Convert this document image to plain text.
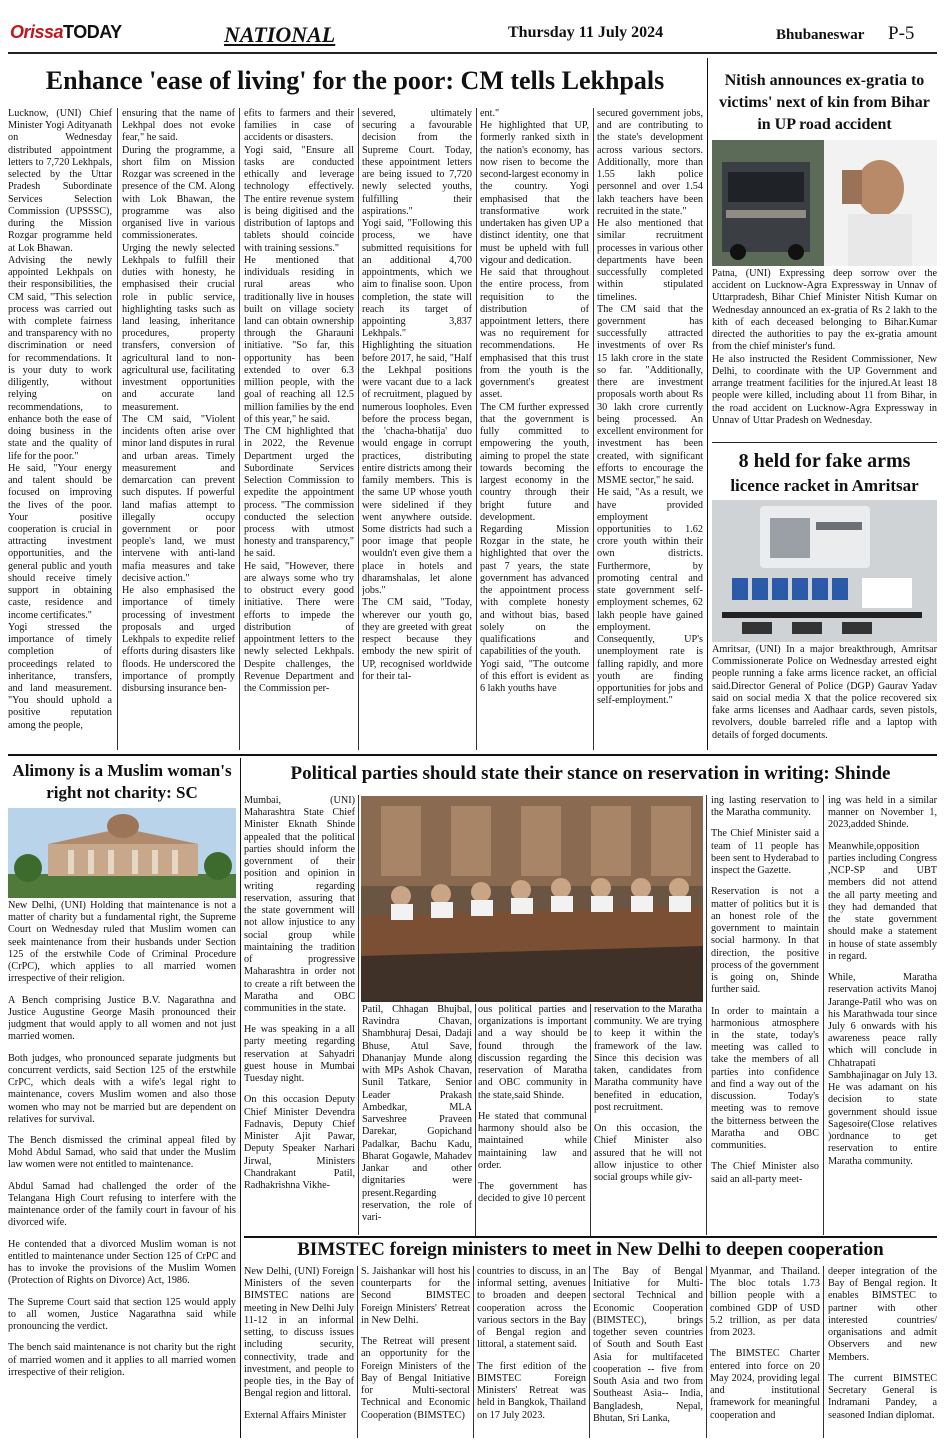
OrissaTODAY	NATIONAL	Thursday 11 July 2024	Bhubaneswar P-5
Enhance 'ease of living' for the poor: CM tells Lekhpals

Lucknow, (UNI) Chief Minister Yogi Adityanath on Wednesday distributed appointment letters to 7,720 Lekhpals, selected by the Uttar Pradesh Subordinate Services Selection Commission (UPSSSC), during the Mission Rozgar programme held at Lok Bhawan.

Advising the newly appointed Lekhpals on their responsibilities, the CM said, "This selection process was carried out with complete fairness and transparency with no discrimination or need for recommendations. It is your duty to work diligently, without relying on recommendations, to enhance both the ease of doing business in the state and the quality of life for the poor."

He said, "Your energy and talent should be focused on improving the lives of the poor. Your positive cooperation is crucial in attracting investment opportunities, and the general public and youth should receive timely support in obtaining caste, residence and income certificates."

Yogi stressed the importance of timely completion of proceedings related to inheritance, transfers, and land measurement. "You should uphold a positive reputation among the people,

ensuring that the name of Lekhpal does not evoke fear," he said.

During the programme, a short film on Mission Rozgar was screened in the presence of the CM. Along with Lok Bhawan, the programme was also organised live in various commissionerates.

Urging the newly selected Lekhpals to fulfill their duties with honesty, he emphasised their crucial role in public service, highlighting tasks such as land leasing, inheritance procedures, property transfers, conversion of agricultural land to non-agricultural use, facilitating investment opportunities and accurate land measurement.

The CM said, "Violent incidents often arise over minor land disputes in rural and urban areas. Timely measurement and demarcation can prevent such disputes. If powerful land mafias attempt to illegally occupy government or poor people's land, we must intervene with anti-land mafia measures and take decisive action."

He also emphasised the importance of timely processing of investment proposals and urged Lekhpals to expedite relief efforts during disasters like floods. He underscored the importance of promptly disbursing insurance ben-

efits to farmers and their families in case of accidents or disasters.

Yogi said, "Ensure all tasks are conducted ethically and leverage technology effectively. The entire revenue system is being digitised and the distribution of laptops and tablets should coincide with training sessions."

He mentioned that individuals residing in rural areas who traditionally live in houses built on village society land can obtain ownership through the Gharauni initiative. "So far, this opportunity has been extended to over 6.3 million people, with the goal of reaching all 12.5 million families by the end of this year," he said.

The CM highlighted that in 2022, the Revenue Department urged the Subordinate Services Selection Commission to expedite the appointment process. "The commission conducted the selection process with utmost honesty and transparency," he said.

He said, "However, there are always some who try to obstruct every good initiative. There were efforts to impede the distribution of appointment letters to the newly selected Lekhpals. Despite challenges, the Revenue Department and the Commission per-

severed, ultimately securing a favourable decision from the Supreme Court. Today, these appointment letters are being issued to 7,720 newly selected youths, fulfilling their aspirations."

Yogi said, "Following this process, we have submitted requisitions for an additional 4,700 appointments, which we aim to finalise soon. Upon completion, the state will reach its target of appointing 3,837 Lekhpals."

Highlighting the situation before 2017, he said, "Half the Lekhpal positions were vacant due to a lack of recruitment, plagued by numerous loopholes. Even before the process began, the 'chacha-bhatija' duo would engage in corrupt practices, distributing entire districts among their family members. This is the same UP whose youth were sidelined if they went anywhere outside. Some districts had such a poor image that people wouldn't even give them a place in hotels and dharamshalas, let alone jobs."

The CM said, "Today, wherever our youth go, they are greeted with great respect because they embody the new spirit of UP, recognised worldwide for their tal-

ent."

He highlighted that UP, formerly ranked sixth in the nation's economy, has now risen to become the second-largest economy in the country. Yogi emphasised that the transformative work undertaken has given UP a distinct identity, one that must be upheld with full vigour and dedication.

He said that throughout the entire process, from requisition to the distribution of appointment letters, there was no requirement for recommendations. He emphasised that this trust from the youth is the government's greatest asset.

The CM further expressed that the government is fully committed to empowering the youth, aiming to propel the state towards becoming the largest economy in the country through their bright future and development.

Regarding Mission Rozgar in the state, he highlighted that over the past 7 years, the state government has advanced the appointment process with complete honesty and without bias, based solely on the qualifications and capabilities of the youth.

Yogi said, "The outcome of this effort is evident as 6 lakh youths have

secured government jobs, and are contributing to the state's development across various sectors. Additionally, more than 1.55 lakh police personnel and over 1.54 lakh teachers have been recruited in the state."

He also mentioned that similar recruitment processes in various other departments have been successfully completed within stipulated timelines.

The CM said that the government has successfully attracted investments of over Rs 15 lakh crore in the state so far. "Additionally, there are investment proposals worth about Rs 30 lakh crore currently being processed. An excellent environment for investment has been created, with significant efforts to encourage the MSME sector," he said.

He said, "As a result, we have provided employment opportunities to 1.62 crore youth within their own districts. Furthermore, by promoting central and state government self-employment schemes, 62 lakh people have gained employment. Consequently, UP's unemployment rate is falling rapidly, and more youth are finding opportunities for jobs and self-employment."

Nitish announces ex-gratia to victims' next of kin from Bihar in UP road accident

Patna, (UNI) Expressing deep sorrow over the accident on Lucknow-Agra Expressway in Unnav of Uttarpradesh, Bihar Chief Minister Nitish Kumar on Wednesday announced an ex-gratia of Rs 2 lakh to the kith of each deceased belonging to Bihar.Kumar directed the authorities to pay the ex-gratia amount from the chief minister's fund.

He also instructed the Resident Commissioner, New Delhi, to coordinate with the UP Government and arrange treatment facilities for the injured.At least 18 people were killed, including about 11 from Bihar, in the road accident on Lucknow-Agra Expressway in Unnav of Uttar Pradesh on Wednesday.

8 held for fake arms
licence racket in Amritsar
Amritsar, (UNI) In a major breakthrough, Amritsar Commissionerate Police on Wednesday arrested eight people running a fake arms licence racket, an official said.Director General of Police (DGP) Gaurav Yadav said on social media X that the police recovered six fake arms licenses and Aadhaar cards, seven pistols, revolvers, double barreled rifle and a laptop with details of forged documents.
Alimony is a Muslim woman's right not charity: SC

New Delhi, (UNI) Holding that maintenance is not a matter of charity but a fundamental right, the Supreme Court on Wednesday ruled that Muslim women can seek maintenance from their husbands under Section 125 of the erstwhile Code of Criminal Procedure (CrPC), which applies to all married women irrespective of their religion.

A Bench comprising Justice B.V. Nagarathna and Justice Augustine George Masih pronounced their judgment that would apply to all women and not just married women.

Both judges, who pronounced separate judgments but concurrent verdicts, said Section 125 of the erstwhile CrPC, which deals with a wife's legal right to maintenance, covers Muslim women and also those women who may not be married but are dependent on relatives for survival.

The Bench dismissed the criminal appeal filed by Mohd Abdul Samad, who said that under the Muslim law women were not entitled to maintenance.

Abdul Samad had challenged the order of the Telangana High Court refusing to interfere with the maintenance order of the family court in favour of his divorced wife.

He contended that a divorced Muslim woman is not entitled to maintenance under Section 125 of CrPC and has to invoke the provisions of the Muslim Women (Protection of Rights on Divorce) Act, 1986.

The Supreme Court said that section 125 would apply to all women, Justice Nagarathna said while pronouncing the verdict.

The bench said maintenance is not charity but the right of married women and it applies to all married women irrespective of their religion.

Political parties should state their stance on reservation in writing: Shinde

Mumbai, (UNI) Maharashtra State Chief Minister Eknath Shinde appealed that the political parties should inform the government of their position and opinion in writing regarding reservation, assuring that the state government will not allow injustice to any social group while maintaining the tradition of progressive Maharashtra in order not to create a rift between the Maratha and OBC communities in the state.

He was speaking in a all party meeting regarding reservation at Sahyadri guest house in Mumbai Tuesday night.

On this occasion Deputy Chief Minister Devendra Fadnavis, Deputy Chief Minister Ajit Pawar, Deputy Speaker Narhari Jirwal, Ministers Chandrakant Patil, Radhakrishna Vikhe-

Patil, Chhagan Bhujbal, Ravindra Chavan, Shambhuraj Desai, Dadaji Bhuse, Atul Save, Dhananjay Munde along with MPs Ashok Chavan, Sunil Tatkare, Senior Leader Prakash Ambedkar, MLA Sarveshree Praveen Darekar, Gopichand Padalkar, Bachu Kadu, Bharat Gogawle, Mahadev Jankar and other dignitaries were present.Regarding reservation, the role of vari-

ous political parties and organizations is important and a way should be found through the discussion regarding the reservation of Maratha and OBC community in the state,said Shinde.

He stated that communal harmony should also be maintained while maintaining law and order.

The government has decided to give 10 percent

reservation to the Maratha community. We are trying to keep it within the framework of the law. Since this decision was taken, candidates from Maratha community have benefited in education, post recruitment.

On this occasion, the Chief Minister also assured that he will not allow injustice to other social groups while giv-

ing lasting reservation to the Maratha community.

The Chief Minister said a team of 11 people has been sent to Hyderabad to inspect the Gazette.

Reservation is not a matter of politics but it is an honest role of the government to maintain social harmony. In that direction, the positive process of the government is going on, Shinde further said.

In order to maintain a harmonious atmosphere in the state, today's meeting was called to take the members of all parties into confidence and find a way out of the discussion. Today's meeting was to remove the bitterness between the Maratha and OBC communities.

The Chief Minister also said an all-party meet-

ing was held in a similar manner on November 1, 2023,added Shinde.

Meanwhile,opposition parties including Congress ,NCP-SP and UBT members did not attend the all party meeting and they had demanded that the state government should make a statement in house of state assembly in regard.

While, Maratha reservation activits Manoj Jarange-Patil who was on his Marathwada tour since July 6 onwards with his awareness peace rally which will conclude in Chhatrapati Sambhajinagar on July 13. He was adamant on his decision to state government should issue Sagesoire(Close relatives )ordnance to get reservation to entire Maratha community.

BIMSTEC foreign ministers to meet in New Delhi to deepen cooperation

New Delhi, (UNI) Foreign Ministers of the seven BIMSTEC nations are meeting in New Delhi July 11-12 in an informal setting, to discuss issues including security, connectivity, trade and investment, and people to people ties, in the Bay of Bengal region and littoral.

External Affairs Minister

S. Jaishankar will host his counterparts for the Second BIMSTEC Foreign Ministers' Retreat in New Delhi.

The Retreat will present an opportunity for the Foreign Ministers of the Bay of Bengal Initiative for Multi-sectoral Technical and Economic Cooperation (BIMSTEC)

countries to discuss, in an informal setting, avenues to broaden and deepen cooperation across the various sectors in the Bay of Bengal region and littoral, a statement said.

The first edition of the BIMSTEC Foreign Ministers' Retreat was held in Bangkok, Thailand on 17 July 2023.

The Bay of Bengal Initiative for Multi-sectoral Technical and Economic Cooperation (BIMSTEC), brings together seven countries of South and South East Asia for multifaceted cooperation -- five from South Asia and two from Southeast Asia-- India, Bangladesh, Nepal, Bhutan, Sri Lanka,

Myanmar, and Thailand. The bloc totals 1.73 billion people with a combined GDP of USD 5.2 trillion, as per data from 2023.

The BIMSTEC Charter entered into force on 20 May 2024, providing legal and institutional framework for meaningful cooperation and

deeper integration of the Bay of Bengal region. It enables BIMSTEC to partner with other interested countries/ organisations and admit Observers and new Members.

The current BIMSTEC Secretary General is Indramani Pandey, a seasoned Indian diplomat.
